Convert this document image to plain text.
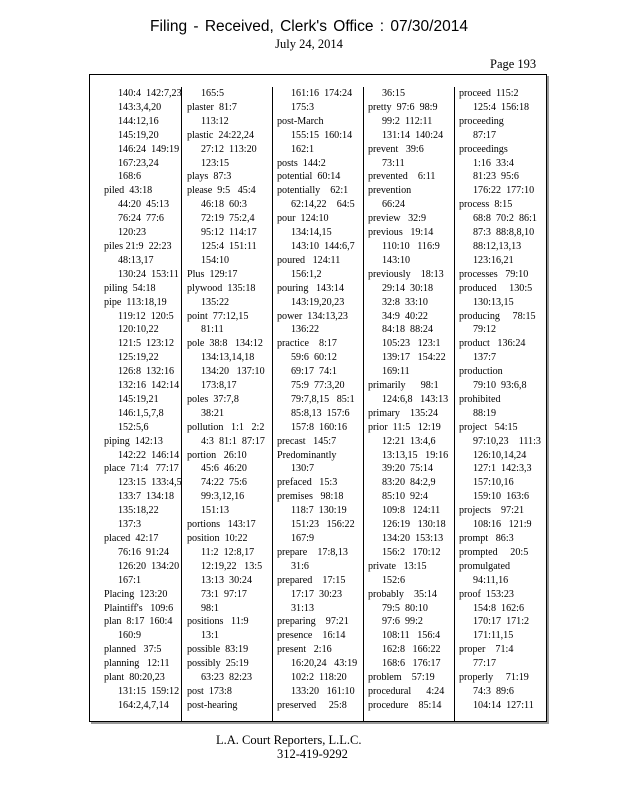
Filing - Received, Clerk's Office : 07/30/2014
July 24, 2014
Page 193
140:4  142:7,23
143:3,4,20
144:12,16
145:19,20
146:24  149:19
167:23,24
168:6
piled  43:18
44:20  45:13
76:24  77:6
120:23
piles 21:9  22:23
48:13,17
130:24  153:11
piling  54:18
pipe  113:18,19
119:12  120:5
120:10,22
121:5  123:12
125:19,22
126:8  132:16
132:16  142:14
145:19,21
146:1,5,7,8
152:5,6
piping  142:13
142:22  146:14
place  71:4   77:17
123:15  133:4,5
133:7  134:18
135:18,22
137:3
placed  42:17
76:16  91:24
126:20  134:20
167:1
Placing  123:20
Plaintiff's   109:6
plan  8:17  160:4
160:9
planned   37:5
planning   12:11
plant  80:20,23
131:15  159:12
164:2,4,7,14
165:5
plaster  81:7
113:12
plastic  24:22,24
27:12  113:20
123:15
plays  87:3
please  9:5   45:4
46:18  60:3
72:19  75:2,4
95:12  114:17
125:4  151:11
154:10
Plus  129:17
plywood  135:18
135:22
point  77:12,15
81:11
pole  38:8   134:12
134:13,14,18
134:20   137:10
173:8,17
poles  37:7,8
38:21
pollution   1:1   2:2
4:3  81:1  87:17
portion   26:10
45:6  46:20
74:22  75:6
99:3,12,16
151:13
portions   143:17
position  10:22
11:2  12:8,17
12:19,22   13:5
13:13  30:24
73:1  97:17
98:1
positions   11:9
13:1
possible  83:19
possibly  25:19
63:23  82:23
post  173:8
post-hearing
161:16  174:24
175:3
post-March
155:15  160:14
162:1
posts  144:2
potential  60:14
potentially    62:1
62:14,22    64:5
pour  124:10
134:14,15
143:10  144:6,7
poured   124:11
156:1,2
pouring   143:14
143:19,20,23
power  134:13,23
136:22
practice    8:17
59:6  60:12
69:17  74:1
75:9  77:3,20
79:7,8,15   85:1
85:8,13  157:6
157:8  160:16
precast   145:7
Predominantly
130:7
prefaced   15:3
premises   98:18
118:7  130:19
151:23   156:22
167:9
prepare    17:8,13
31:6
prepared    17:15
17:17  30:23
31:13
preparing    97:21
presence    16:14
present   2:16
16:20,24   43:19
102:2  118:20
133:20   161:10
preserved     25:8
36:15
pretty  97:6  98:9
99:2  112:11
131:14  140:24
prevent   39:6
73:11
prevented    6:11
prevention
66:24
preview   32:9
previous   19:14
110:10   116:9
143:10
previously    18:13
29:14  30:18
32:8  33:10
34:9  40:22
84:18  88:24
105:23   123:1
139:17   154:22
169:11
primarily      98:1
124:6,8   143:13
primary    135:24
prior  11:5   12:19
12:21  13:4,6
13:13,15   19:16
39:20  75:14
83:20  84:2,9
85:10  92:4
109:8   124:11
126:19   130:18
134:20  153:13
156:2   170:12
private   13:15
152:6
probably    35:14
79:5  80:10
97:6  99:2
108:11   156:4
162:8   166:22
168:6   176:17
problem    57:19
procedural      4:24
procedure    85:14
proceed  115:2
125:4  156:18
proceeding
87:17
proceedings
1:16  33:4
81:23  95:6
176:22  177:10
process  8:15
68:8  70:2  86:1
87:3  88:8,8,10
88:12,13,13
123:16,21
processes   79:10
produced     130:5
130:13,15
producing     78:15
79:12
product   136:24
137:7
production
79:10  93:6,8
prohibited
88:19
project   54:15
97:10,23    111:3
126:10,14,24
127:1  142:3,3
157:10,16
159:10  163:6
projects    97:21
108:16   121:9
prompt   86:3
prompted     20:5
promulgated
94:11,16
proof  153:23
154:8  162:6
170:17  171:2
171:11,15
proper    71:4
77:17
properly     71:19
74:3  89:6
104:14  127:11
L.A. Court Reporters, L.L.C.
312-419-9292
